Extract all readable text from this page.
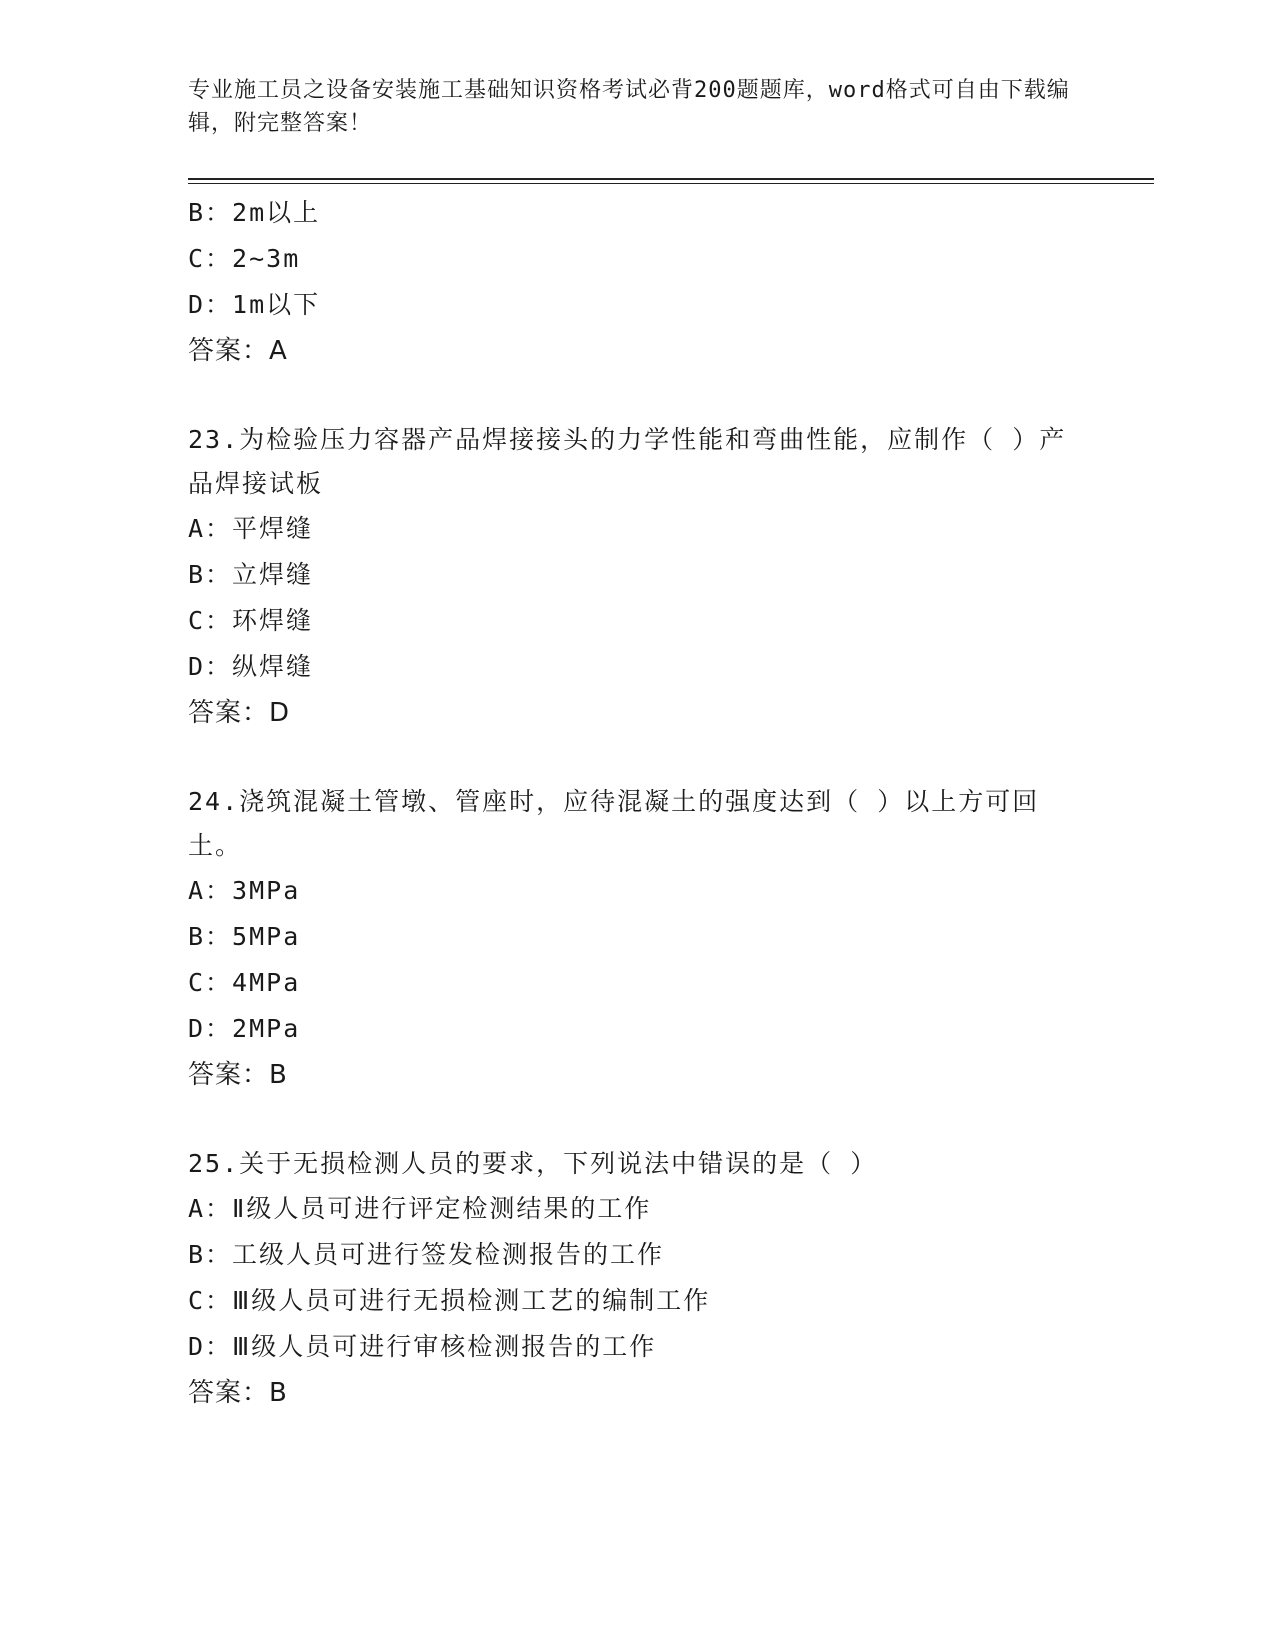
专业施工员之设备安装施工基础知识资格考试必背200题题库，word格式可自由下载编辑，附完整答案！
B：2m以上
C：2~3m
D：1m以下
答案：A
23.为检验压力容器产品焊接接头的力学性能和弯曲性能，应制作（ ）产品焊接试板
A：平焊缝
B：立焊缝
C：环焊缝
D：纵焊缝
答案：D
24.浇筑混凝土管墩、管座时，应待混凝土的强度达到（ ）以上方可回土。
A：3MPa
B：5MPa
C：4MPa
D：2MPa
答案：B
25.关于无损检测人员的要求，下列说法中错误的是（ ）
A：Ⅱ级人员可进行评定检测结果的工作
B：工级人员可进行签发检测报告的工作
C：Ⅲ级人员可进行无损检测工艺的编制工作
D：Ⅲ级人员可进行审核检测报告的工作
答案：B
